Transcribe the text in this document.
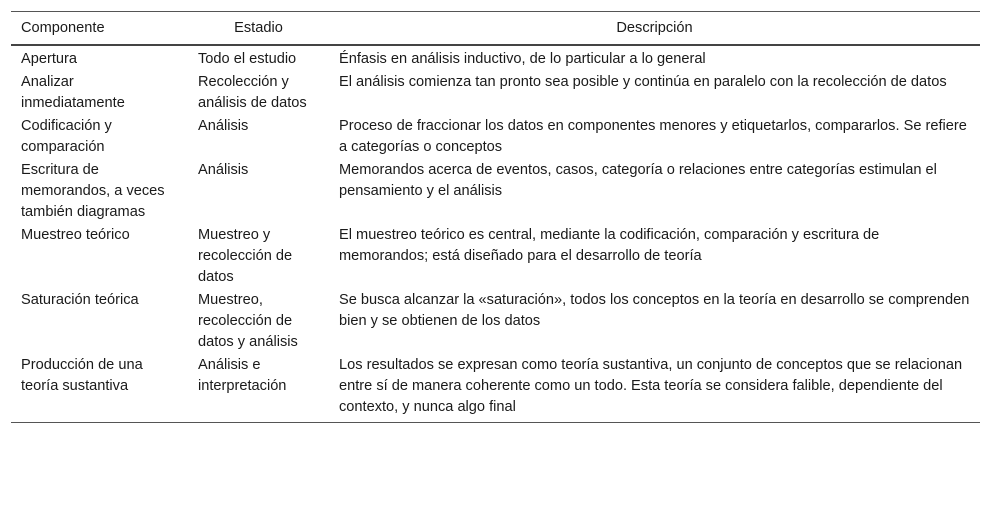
Componente	Estadio	Descripción
Apertura	Todo el estudio	Énfasis en análisis inductivo, de lo particular a lo general
Analizar inmediatamente	Recolección y análisis de datos	El análisis comienza tan pronto sea posible y continúa en paralelo con la recolección de datos
Codificación y comparación	Análisis	Proceso de fraccionar los datos en componentes menores y etiquetarlos, compararlos. Se refiere a categorías o conceptos
Escritura de memorandos, a veces también diagramas	Análisis	Memorandos acerca de eventos, casos, categoría o relaciones entre categorías estimulan el pensamiento y el análisis
Muestreo teórico	Muestreo y recolección de datos	El muestreo teórico es central, mediante la codificación, comparación y escritura de memorandos; está diseñado para el desarrollo de teoría
Saturación teórica	Muestreo, recolección de datos y análisis	Se busca alcanzar la «saturación», todos los conceptos en la teoría en desarrollo se comprenden bien y se obtienen de los datos
Producción de una teoría sustantiva	Análisis e interpretación	Los resultados se expresan como teoría sustantiva, un conjunto de conceptos que se relacionan entre sí de manera coherente como un todo. Esta teoría se considera falible, dependiente del contexto, y nunca algo final
